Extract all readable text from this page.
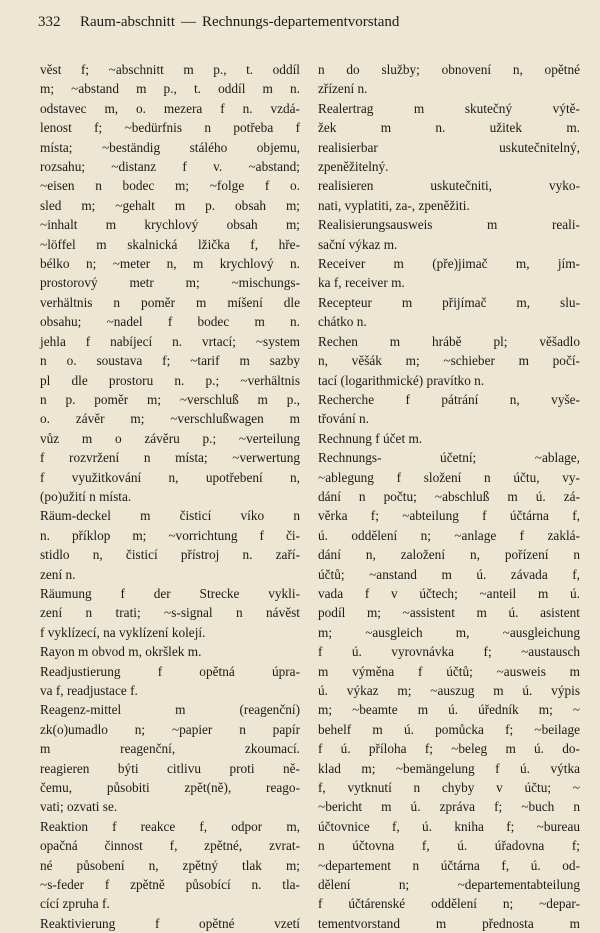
332	Raum-abschnitt — Rechnungs-departementvorstand

věst f; ~abschnitt m p., t. oddíl

m; ~abstand m p., t. oddíl m n.

odstavec m, o. mezera f n. vzdá-

lenost f; ~bedürfnis n potřeba f

místa; ~beständig stálého objemu,

rozsahu; ~distanz f v. ~abstand;

~eisen n bodec m; ~folge f o.

sled m; ~gehalt m p. obsah m;

~inhalt m krychlový obsah m;

~löffel m skalnická lžička f, hře-

bélko n; ~meter n, m krychlový n.

prostorový metr m; ~mischungs-

verhältnis n poměr m míšení dle

obsahu; ~nadel f bodec m n.

jehla f nabíjecí n. vrtací; ~system

n o. soustava f; ~tarif m sazby

pl dle prostoru n. p.; ~verhältnis

n p. poměr m; ~verschluß m p.,

o. závěr m; ~verschlußwagen m

vůz m o závěru p.; ~verteilung

f rozvržení n místa; ~verwertung

f využitkování n, upotřebení n,

(po)užití n místa.

Räum-deckel m čisticí víko n

n. příklop m; ~vorrichtung f či-

stidlo n, čisticí přístroj n. zaří-

zení n.

Räumung f der Strecke vykli-

zení n trati; ~s-signal n návěst

f vyklízecí, na vyklízení kolejí.

Rayon m obvod m, okršlek m.

Readjustierung f opětná úpra-

va f, readjustace f.

Reagenz-mittel m (reagenční)

zk(o)umadlo n; ~papier n papír

m reagenční, zkoumací.

reagieren býti citlivu proti ně-

čemu, působiti zpět(ně), reago-

vati; ozvati se.

Reaktion f reakce f, odpor m,

opačná činnost f, zpětné, zvrat-

né působení n, zpětný tlak m;

~s-feder f zpětně působící n. tla-

cící zpruha f.

Reaktivierung f opětné vzetí

n do služby; obnovení n, opětné

zřízení n.

Realertrag m skutečný výtě-

žek m n. užitek m.

realisierbar uskutečnitelný,

zpeněžitelný.

realisieren uskutečniti, vyko-

nati, vyplatiti, za-, zpeněžiti.

Realisierungsausweis m reali-

sační výkaz m.

Receiver m (pře)jimač m, jím-

ka f, receiver m.

Recepteur m přijímač m, slu-

chátko n.

Rechen m hrábě pl; věšadlo

n, věšák m; ~schieber m počí-

tací (logarithmické) pravítko n.

Recherche f pátrání n, vyše-

třování n.

Rechnung f účet m.

Rechnungs- účetní; ~ablage,

~ablegung f složení n účtu, vy-

dání n počtu; ~abschluß m ú. zá-

věrka f; ~abteilung f účtárna f,

ú. oddělení n; ~anlage f zaklá-

dání n, založení n, pořízení n

účtů; ~anstand m ú. závada f,

vada f v účtech; ~anteil m ú.

podíl m; ~assistent m ú. asistent

m; ~ausgleich m, ~ausgleichung

f ú. vyrovnávka f; ~austausch

m výměna f účtů; ~ausweis m

ú. výkaz m; ~auszug m ú. výpis

m; ~beamte m ú. úředník m; ~

behelf m ú. pomůcka f; ~beilage

f ú. příloha f; ~beleg m ú. do-

klad m; ~bemängelung f ú. výtka

f, vytknutí n chyby v účtu; ~

~bericht m ú. zpráva f; ~buch n

účtovnice f, ú. kniha f; ~bureau

n účtovna f, ú. úřadovna f;

~departement n účtárna f, ú. od-

dělení n; ~departementabteilung

f účtárenské oddělení n; ~depar-

tementvorstand m přednosta m
